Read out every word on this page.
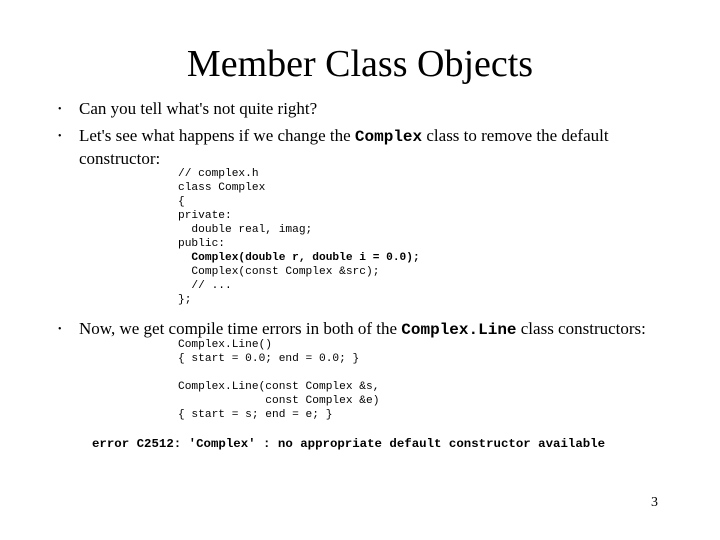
Member Class Objects
• Can you tell what's not quite right?
• Let's see what happens if we change the Complex class to remove the default
constructor:
// complex.h
class Complex
{
private:
double real, imag;
public:
Complex(double r, double i = 0.0);
Complex(const Complex &src);
// ...
};
• Now, we get compile time errors in both of the Complex.Line class constructors:
Complex.Line()
{ start = 0.0; end = 0.0; }

Complex.Line(const Complex &s,
const Complex &e)
{ start = s; end = e; }
error C2512: 'Complex' : no appropriate default constructor available
3
